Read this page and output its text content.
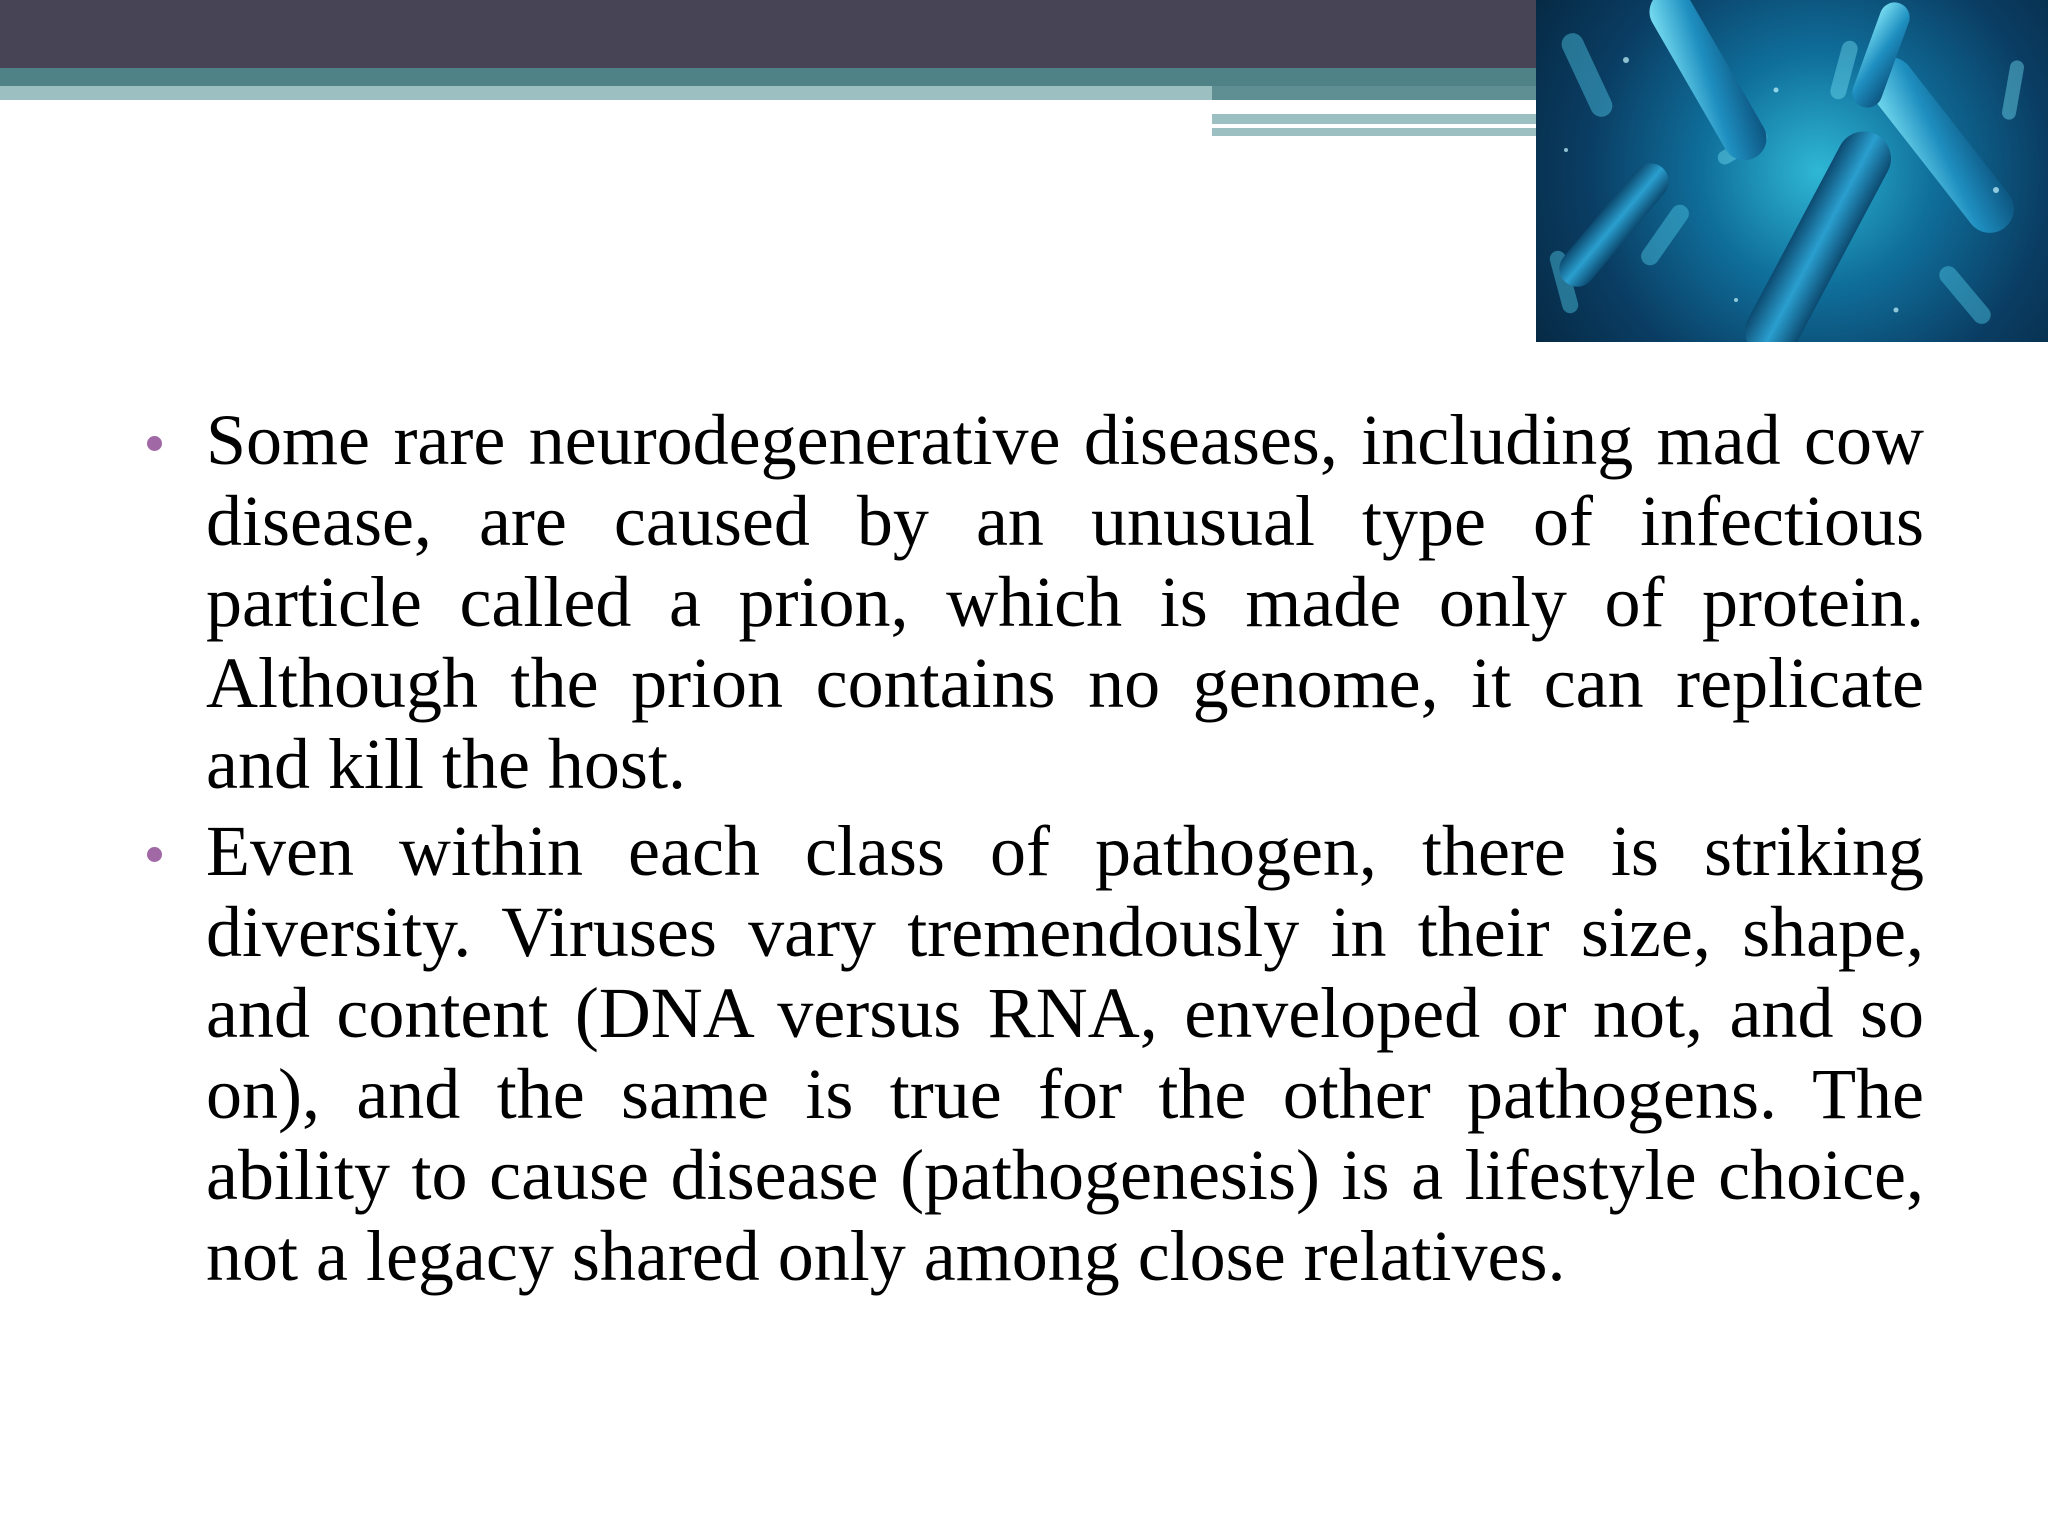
Some rare neurodegenerative diseases, including mad cow disease, are caused by an unusual type of infectious particle called a prion, which is made only of protein. Although the prion contains no genome, it can replicate and kill the host.
Even within each class of pathogen, there is striking diversity. Viruses vary tremendously in their size, shape, and content (DNA versus RNA, enveloped or not, and so on), and the same is true for the other pathogens. The ability to cause disease (pathogenesis) is a lifestyle choice, not a legacy shared only among close relatives.
